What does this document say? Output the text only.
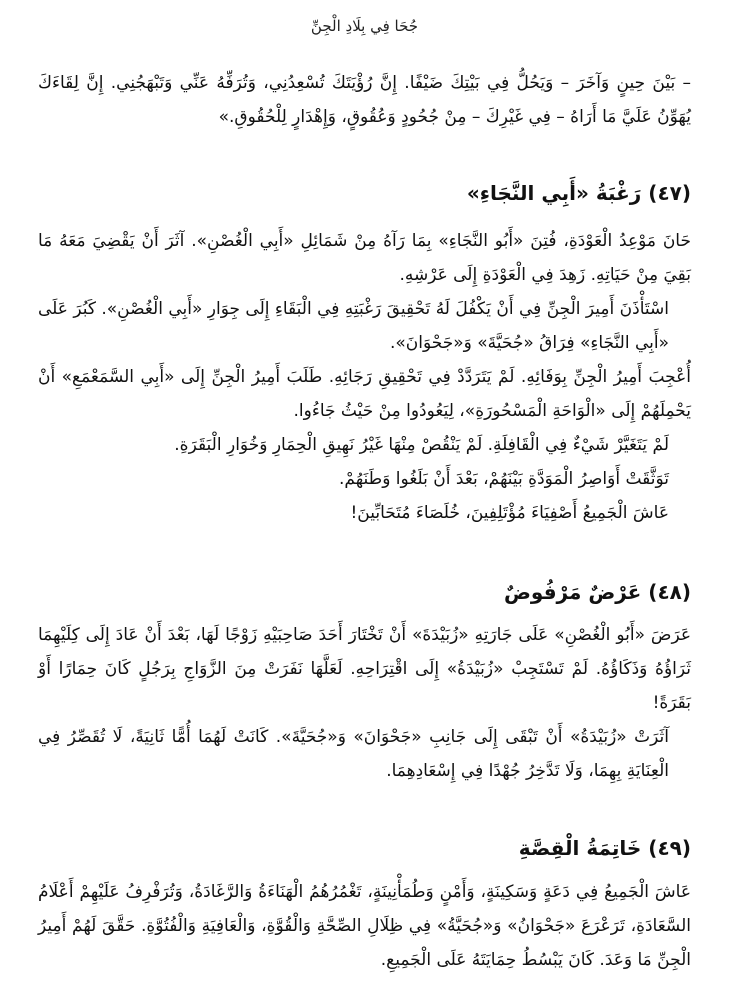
جُحَا فِي بِلَادِ الْجِنِّ

– بَيْنَ حِينٍ وَآخَرَ – وَيَحُلُّ فِي بَيْتِكَ ضَيْفًا. إِنَّ رُؤْيَتَكَ تُسْعِدُنِي، وَتُرَفِّهُ عَنِّي وَتَبْهَجُنِي. إِنَّ لِقَاءَكَ يُهَوِّنُ عَلَيَّ مَا أَرَاهُ – فِي غَيْرِكَ – مِنْ جُحُودٍ وَعُقُوقٍ، وَإِهْدَارٍ لِلْحُقُوقِ.»

(٤٧) رَغْبَةُ «أَبِي النَّجَاءِ»

حَانَ مَوْعِدُ الْعَوْدَةِ، فُتِنَ «أَبُو النَّجَاءِ» بِمَا رَآهُ مِنْ شَمَائِلِ «أَبِي الْغُصْنِ». آثَرَ أَنْ يَقْضِيَ مَعَهُ مَا بَقِيَ مِنْ حَيَاتِهِ. زَهِدَ فِي الْعَوْدَةِ إِلَى عَرْشِهِ.

اسْتَأْذَنَ أَمِيرَ الْجِنِّ فِي أَنْ يَكْفُلَ لَهُ تَحْقِيقَ رَغْبَتِهِ فِي الْبَقَاءِ إِلَى جِوَارِ «أَبِي الْغُصْنِ». كَبُرَ عَلَى «أَبِي النَّجَاءِ» فِرَاقُ «جُحَيَّةَ» وَ«جَحْوَانَ».

أُعْجِبَ أَمِيرُ الْجِنِّ بِوَفَائِهِ. لَمْ يَتَرَدَّدْ فِي تَحْقِيقِ رَجَائِهِ. طَلَبَ أَمِيرُ الْجِنِّ إِلَى «أَبِي السَّمَعْمَعِ» أَنْ يَحْمِلَهُمْ إِلَى «الْوَاحَةِ الْمَسْحُورَةِ»، لِيَعُودُوا مِنْ حَيْثُ جَاءُوا.

لَمْ يَتَغَيَّرْ شَيْءٌ فِي الْقَافِلَةِ. لَمْ يَنْقُصْ مِنْهَا غَيْرُ نَهِيقِ الْحِمَارِ وَخُوَارِ الْبَقَرَةِ.

تَوَثَّقَتْ أَوَاصِرُ الْمَوَدَّةِ بَيْنَهُمْ، بَعْدَ أَنْ بَلَغُوا وَطَنَهُمْ.

عَاشَ الْجَمِيعُ أَصْفِيَاءَ مُؤْتَلِفِينَ، خُلَصَاءَ مُتَحَابِّينَ!

(٤٨) عَرْضٌ مَرْفُوضٌ

عَرَضَ «أَبُو الْغُصْنِ» عَلَى جَارَتِهِ «زُبَيْدَةَ» أَنْ تَخْتَارَ أَحَدَ صَاحِبَيْهِ زَوْجًا لَهَا، بَعْدَ أَنْ عَادَ إِلَى كِلَيْهِمَا ثَرَاؤُهُ وَذَكَاؤُهُ. لَمْ تَسْتَجِبْ «زُبَيْدَةُ» إِلَى اقْتِرَاحِهِ. لَعَلَّهَا نَفَرَتْ مِنَ الزَّوَاجِ بِرَجُلٍ كَانَ حِمَارًا أَوْ بَقَرَةً!

آثَرَتْ «زُبَيْدَةُ» أَنْ تَبْقَى إِلَى جَانِبِ «جَحْوَانَ» وَ«جُحَيَّةَ». كَانَتْ لَهُمَا أُمًّا ثَانِيَةً، لَا تُقَصِّرُ فِي الْعِنَايَةِ بِهِمَا، وَلَا تَدَّخِرُ جُهْدًا فِي إِسْعَادِهِمَا.

(٤٩) خَاتِمَةُ الْقِصَّةِ

عَاشَ الْجَمِيعُ فِي دَعَةٍ وَسَكِينَةٍ، وَأَمْنٍ وَطُمَأْنِينَةٍ، تَغْمُرُهُمُ الْهَنَاءَةُ وَالرَّغَادَةُ، وَتُرَفْرِفُ عَلَيْهِمْ أَعْلَامُ السَّعَادَةِ، تَرَعْرَعَ «جَحْوَانُ» وَ«جُحَيَّةُ» فِي ظِلَالِ الصِّحَّةِ وَالْقُوَّةِ، وَالْعَافِيَةِ وَالْفُتُوَّةِ. حَقَّقَ لَهُمْ أَمِيرُ الْجِنِّ مَا وَعَدَ. كَانَ يَبْسُطُ حِمَايَتَهُ عَلَى الْجَمِيعِ.
